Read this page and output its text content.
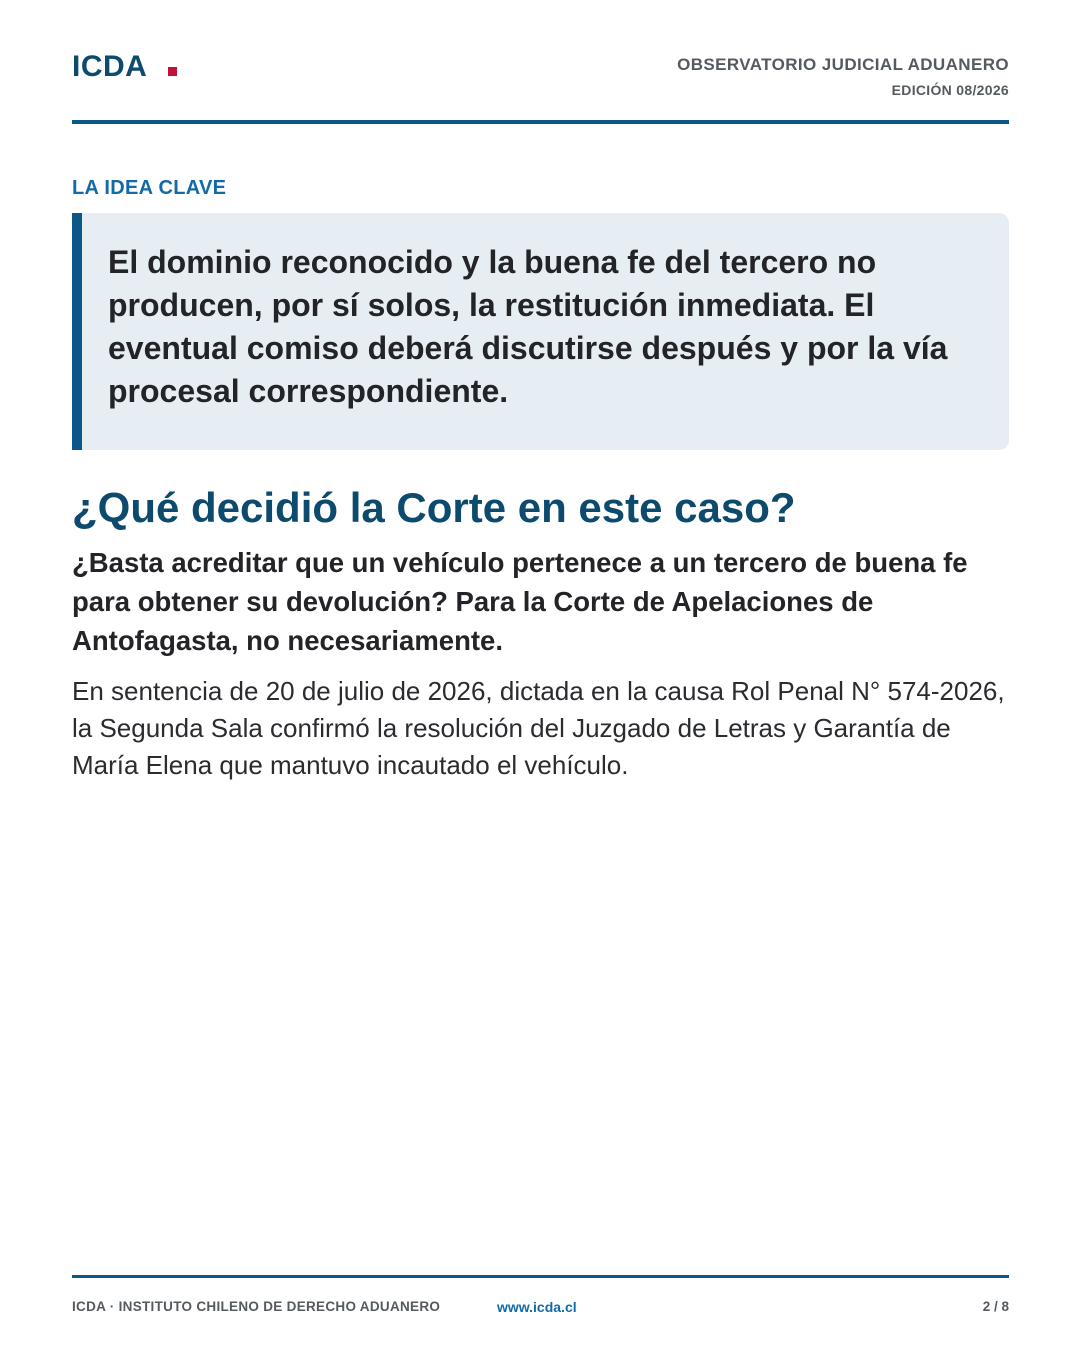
ICDA	OBSERVATORIO JUDICIAL ADUANERO
EDICIÓN 08/2026
LA IDEA CLAVE

El dominio reconocido y la buena fe del tercero no producen, por sí solos, la restitución inmediata. El eventual comiso deberá discutirse después y por la vía procesal correspondiente.

¿Qué decidió la Corte en este caso?

¿Basta acreditar que un vehículo pertenece a un tercero de buena fe para obtener su devolución? Para la Corte de Apelaciones de Antofagasta, no necesariamente.

En sentencia de 20 de julio de 2026, dictada en la causa Rol Penal N° 574-2026, la Segunda Sala confirmó la resolución del Juzgado de Letras y Garantía de María Elena que mantuvo incautado el vehículo.

ICDA · INSTITUTO CHILENO DE DERECHO ADUANERO	www.icda.cl	2 / 8
